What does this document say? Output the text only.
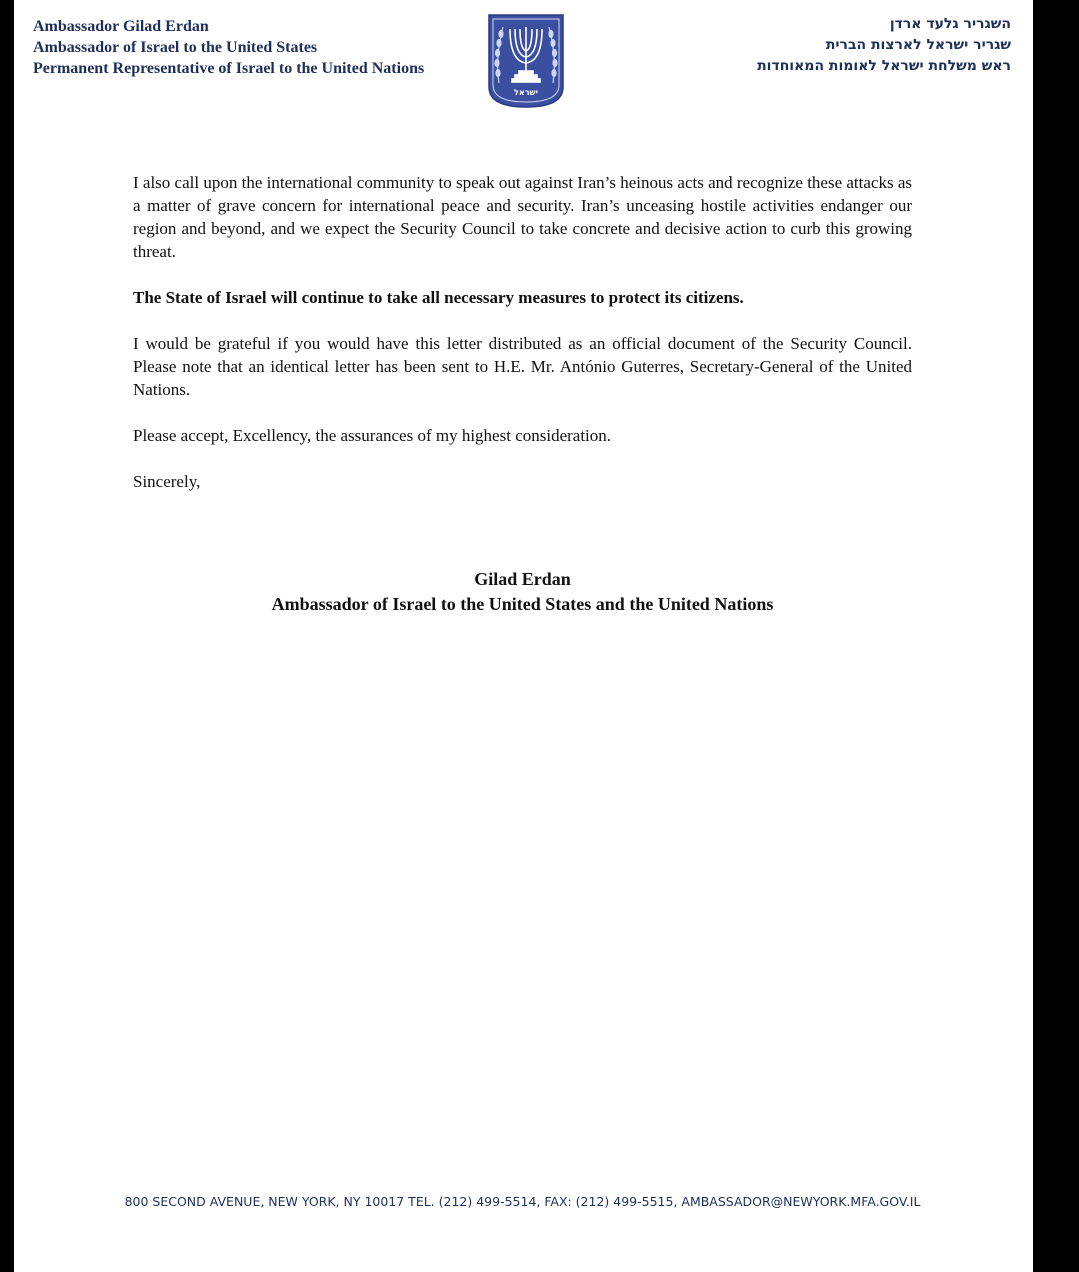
Ambassador Gilad Erdan
Ambassador of Israel to the United States
Permanent Representative of Israel to the United Nations
ישראל
השגריר גלעד ארדן
שגריר ישראל לארצות הברית
ראש משלחת ישראל לאומות המאוחדות

I also call upon the international community to speak out against Iran’s heinous acts and recognize these attacks as a matter of grave concern for international peace and security. Iran’s unceasing hostile activities endanger our region and beyond, and we expect the Security Council to take concrete and decisive action to curb this growing threat.

The State of Israel will continue to take all necessary measures to protect its citizens.

I would be grateful if you would have this letter distributed as an official document of the Security Council. Please note that an identical letter has been sent to H.E. Mr. António Guterres, Secretary-General of the United Nations.

Please accept, Excellency, the assurances of my highest consideration.

Sincerely,

Gilad Erdan
Ambassador of Israel to the United States and the United Nations
800 SECOND AVENUE, NEW YORK, NY 10017 TEL. (212) 499-5514, FAX: (212) 499-5515, AMBASSADOR@NEWYORK.MFA.GOV.IL
